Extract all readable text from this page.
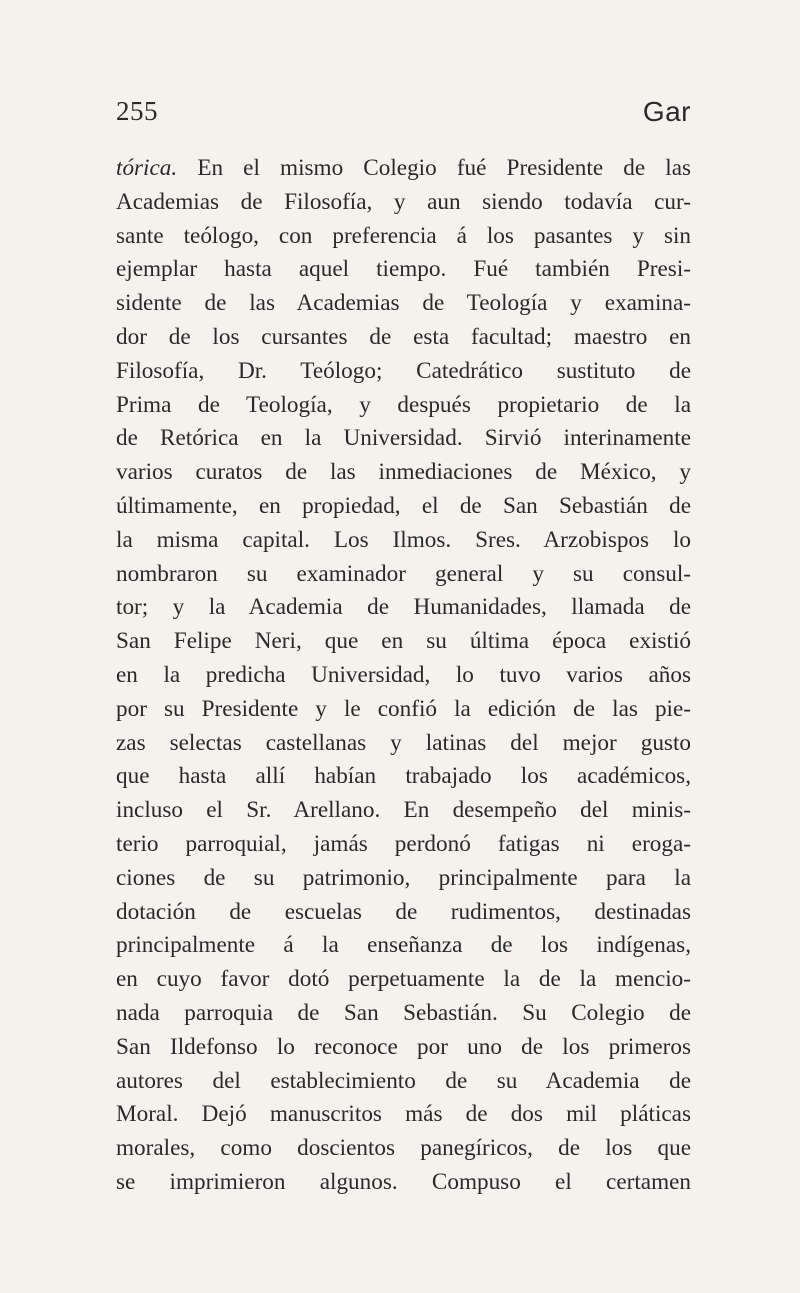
255	Gar
tórica. En el mismo Colegio fué Presidente de las
Academias de Filosofía, y aun siendo todavía cur-
sante teólogo, con preferencia á los pasantes y sin
ejemplar hasta aquel tiempo. Fué también Presi-
sidente de las Academias de Teología y examina-
dor de los cursantes de esta facultad; maestro en
Filosofía, Dr. Teólogo; Catedrático sustituto de
Prima de Teología, y después propietario de la
de Retórica en la Universidad. Sirvió interinamente
varios curatos de las inmediaciones de México, y
últimamente, en propiedad, el de San Sebastián de
la misma capital. Los Ilmos. Sres. Arzobispos lo
nombraron su examinador general y su consul-
tor; y la Academia de Humanidades, llamada de
San Felipe Neri, que en su última época existió
en la predicha Universidad, lo tuvo varios años
por su Presidente y le confió la edición de las pie-
zas selectas castellanas y latinas del mejor gusto
que hasta allí habían trabajado los académicos,
incluso el Sr. Arellano. En desempeño del minis-
terio parroquial, jamás perdonó fatigas ni eroga-
ciones de su patrimonio, principalmente para la
dotación de escuelas de rudimentos, destinadas
principalmente á la enseñanza de los indígenas,
en cuyo favor dotó perpetuamente la de la mencio-
nada parroquia de San Sebastián. Su Colegio de
San Ildefonso lo reconoce por uno de los primeros
autores del establecimiento de su Academia de
Moral. Dejó manuscritos más de dos mil pláticas
morales, como doscientos panegíricos, de los que
se imprimieron algunos. Compuso el certamen
